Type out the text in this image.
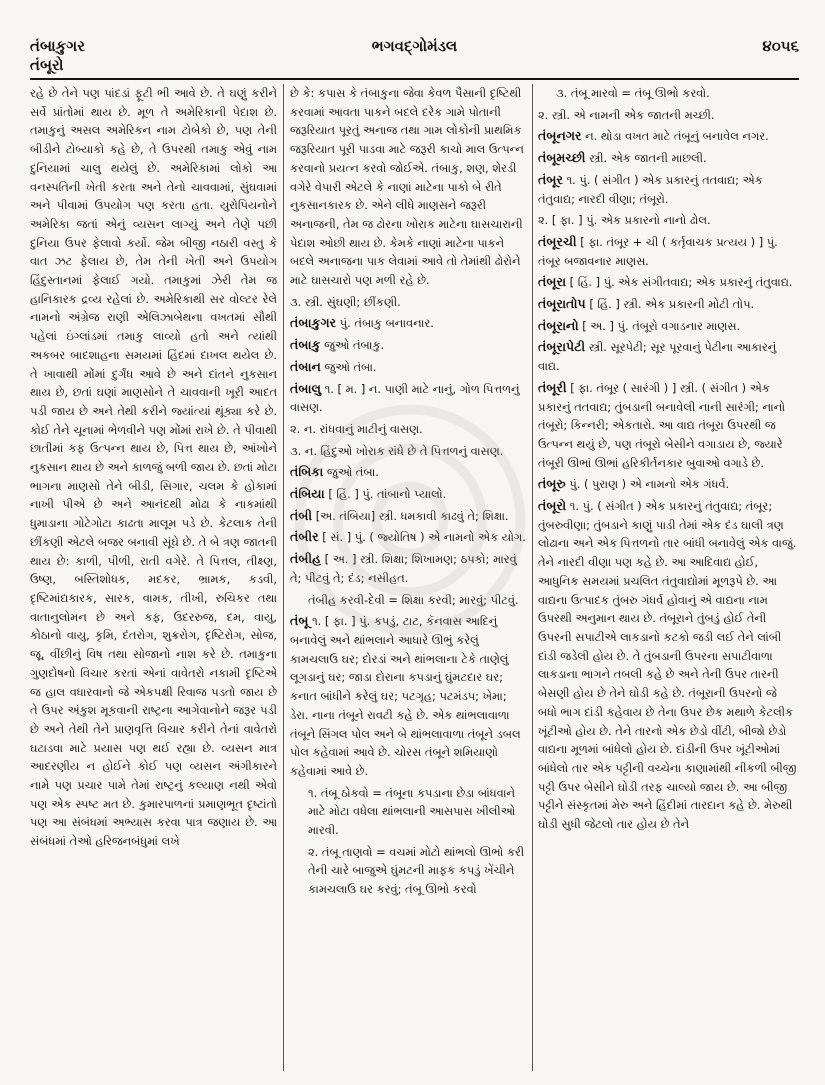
તંબાકુગર	ભગવદ્ગોમંડલ	૪૦૫૬
તંબૂરો

રહે છે તેને પણ પાંદડાં ફૂટી ભી આવે છે. તે ઘણું કરીને સર્વે પ્રાંતોમાં થાય છે. મૂળ તે અમેરિકાની પેદાશ છે. તમાકુનું અસલ અમેરિકન નામ ટોબેકો છે, પણ તેની બીડીને ટોબ્યાકો કહે છે, તે ઉપરથી તમાકુ એવું નામ દુનિયામાં ચાલુ થયેલું છે. અમેરિકામાં લોકો આ વનસ્પતિની ખેતી કરતા અને તેનો ચાવવામાં, સુંઘવામાં અને પીવામાં ઉપયોગ પણ કરતા હતા. યુરોપિયનોને અમેરિકા જતાં એનું વ્યસન લાગ્યું અને તેણે પછી દુનિયા ઉપર ફેલાવો કર્યો. જેમ બીજી નઠારી વસ્તુ કે વાત ઝટ ફેલાય છે, તેમ તેની ખેતી અને ઉપયોગ હિંદુસ્તાનમાં ફેલાઈ ગયો. તમાકુમાં ઝેરી તેમ જ હાનિકારક દ્રવ્ય રહેલાં છે. અમેરિકાથી સર વોલ્ટર રેલે નામનો અંગ્રેજ રાણી એલિઝાબેથના વખતમાં સૌથી પહેલાં ઇંગ્લાંડમાં તમાકુ લાવ્યો હતો અને ત્યાંથી અકબર બાદશાહના સમયમાં હિંદમાં દાખલ થયેલ છે. તે ખાવાથી મોંમાં દુર્ગંધ આવે છે અને દાંતને નુકસાન થાય છે, છતાં ઘણાં માણસોને તે ચાવવાની ખૂરી આદત પડી જાય છે અને તેથી કરીને જ્યાંત્યાં થૂંક્યા કરે છે. કોઈ તેને ચૂનામાં ભેળવીને પણ મોંમાં રાખે છે. તે પીવાથી છાતીમાં કફ ઉત્પન્ન થાય છે, પિત્ત થાય છે, આંખોને નુકસાન થાય છે અને કાળજું બળી જાય છે. છતાં મોટા ભાગના માણસો તેને બીડી, સિગાર, ચલમ કે હોકામાં નાખી પીએ છે અને આનંદથી મોઢા કે નાકમાંથી ધુમાડાના ગોટેગોટા કાઢતા માલૂમ પડે છે. કેટલાક તેની છીંકણી એટલે બજર બનાવી સૂંઘે છે. તે બે ત્રણ જાતની થાય છે: કાળી, પીળી, રાતી વગેરે. તે પિત્તલ, તીક્ષ્ણ, ઉષ્ણ, બસ્તિશોધક, મદકર, ભ્રામક, કડવી, દૃષ્ટિમાંદ્યકારક, સારક, વામક, તીખી, રુચિકર તથા વાતાનુલોમન છે અને કફ, ઉદરરુજ, દમ, વાયુ, કોઠાનો વાયુ, કૃમિ, દંતરોગ, શુક્રરોગ, દૃષ્ટિરોગ, સોજ, જૂ, વીંછીનું વિષ તથા સોજાનો નાશ કરે છે. તમાકુના ગુણદોષનો વિચાર કરતાં એનાં વાવેતરો નકામી દૃષ્ટિએ જ હાલ વધારવાનો જે એકપક્ષી રિવાજ પડતો જાય છે તે ઉપર અંકુશ મૂકવાની રાષ્ટ્રના આગેવાનોને જરૂર પડી છે અને તેથી તેને પ્રાણવૃત્તિ વિચાર કરીને તેનાં વાવેતરો ઘટાડવા માટે પ્રયાસ પણ થઈ રહ્યા છે. વ્યસન માત્ર આદરણીય ન હોઈને કોઈ પણ વ્યસન અંગીકારને નામે પણ પ્રચાર પામે તેમાં રાષ્ટ્રનું કલ્યાણ નથી એવો પણ એક સ્પષ્ટ મત છે. કુમારપાળનાં પ્રમાણભૂત દૃષ્ટાંતો પણ આ સંબંધમાં અભ્યાસ કરવા પાત્ર જણાય છે. આ સંબંધમાં તેઓ હરિજનબંધુમાં લખે

છે કે: કપાસ કે તંબાકુના જેવા કેવળ પૈસાની દૃષ્ટિથી કરવામાં આવતા પાકને બદલે દરેક ગામે પોતાની જરૂરિયાત પૂરતું અનાજ તથા ગામ લોકોની પ્રાથમિક જરૂરિયાત પૂરી પાડવા માટે જરૂરી કાચો માલ ઉત્પન્ન કરવાનો પ્રયત્ન કરવો જોઈએ. તંબાકુ, શણ, શેરડી વગેરે વેપારી એટલે કે નાણાં માટેના પાકો બે રીતે નુકસાનકારક છે. એને લીધે માણસને જરૂરી અનાજની, તેમ જ ઢોરના ખોરાક માટેના ઘાસચારાની પેદાશ ઓછી થાય છે. કેમકે નાણાં માટેના પાકને બદલે અનાજના પાક લેવામાં આવે તો તેમાંથી ઢોરોને માટે ઘાસચારો પણ મળી રહે છે.

૩. સ્ત્રી. સુંઘણી; છીંકણી.

તંબાકુગર પું. તંબાકુ બનાવનાર.

તંબાકુ જુઓ તંબાકુ.

તંબાન જુઓ તંબા.

તંબાલુ ૧. [ મ. ] ન. પાણી માટે નાનું, ગોળ પિત્તળનું વાસણ.

૨. ન. રાંધવાનું માટીનું વાસણ.

૩. ન. હિંદુઓ ખોરાક રાંધે છે તે પિત્તળનું વાસણ.

તંબિકા જુઓ તંબા.

તંબિયા [ હિં. ] પું. તાંબાનો પ્યાલો.

તંબી [અ. તંબિયા] સ્ત્રી. ધમકાવી કાઢવું તે; શિક્ષા.

તંબીર [ સં. ] પું. ( જ્યોતિષ ) એ નામનો એક યોગ.

તંબીહ [ અ. ] સ્ત્રી. શિક્ષા; શિખામણ; ઠપકો; મારવું તે; પીટવું તે; દંડ; નસીહત.

તંબીહ કરવી-દેવી = શિક્ષા કરવી; મારવું; પીટવું.

તંબૂ ૧. [ ફા. ] પું. કપડું, ટાટ, કૅનવાસ આદિનું બનાવેલું અને થાંભલાને આધારે ઊભું કરેલું કામચલાઉ ઘર; દોરડાં અને થાંભલાના ટેકે તાણેલું લૂગડાનું ઘર; જાડા દોરાના કપડાનું ઘુંમટદાર ઘર; કનાત બાંધીને કરેલું ઘર; પટગૃહ; પટમંડપ; ખેમા; ડેરા. નાના તંબૂને રાવટી કહે છે. એક થાંભલાવાળા તંબૂને સિંગલ પોલ અને બે થાંભલાવાળા તંબૂને ડબલ પોલ કહેવામાં આવે છે. ચોરસ તંબૂને શમિયાણો કહેવામાં આવે છે.

૧. તંબૂ ઠોકવો = તંબૂના કપડાના છેડા બાંધવાને માટે મોટા વધેલા થાંભલાની આસપાસ ખીલીઓ મારવી.

૨. તંબૂ તાણવો = વચમાં મોટો થાંભલો ઊભો કરી તેની ચારે બાજુએ ઘુંમટની માફક કપડું ખેંચીને કામચલાઉ ઘર કરવું; તંબૂ ઊભો કરવો

૩. તંબૂ મારવો = તંબૂ ઊભો કરવો.

૨. સ્ત્રી. એ નામની એક જાતની મચ્છી.

તંબૂનગર ન. થોડા વખત માટે તંબૂનું બનાવેલ નગર.

તંબૂમચ્છી સ્ત્રી. એક જાતની માછલી.

તંબૂર ૧. પું. ( સંગીત ) એક પ્રકારનું તતવાદ્ય; એક તંતુવાદ્ય; નારદી વીણા; તંબૂરો.

૨. [ ફા. ] પું. એક પ્રકારનો નાનો ઢોલ.

તંબૂરચી [ ફા. તંબૂર + ચી ( કર્તૃવાચક પ્રત્યય ) ] પું. તંબૂર બજાવનાર માણસ.

તંબૂરા [ હિં. ] પું. એક સંગીતવાદ્ય; એક પ્રકારનું તંતુવાદ્ય.

તંબૂરાતોપ [ હિં. ] સ્ત્રી. એક પ્રકારની મોટી તોપ.

તંબૂરાનો [ અ. ] પું. તંબૂરો વગાડનાર માણસ.

તંબૂરાપેટી સ્ત્રી. સૂરપેટી; સૂર પૂરવાનું પેટીના આકારનું વાદ્ય.

તંબૂરી [ ફા. તંબૂર ( સારંગી ) ] સ્ત્રી. ( સંગીત ) એક પ્રકારનું તતવાદ્ય; તુંબડાની બનાવેલી નાની સારંગી; નાનો તંબૂરો; કિન્નરી; એકતારો. આ વાદ્ય તંબૂરા ઉપરથી જ ઉત્પન્ન થયું છે, પણ તંબૂરો બેસીને વગાડાય છે, જ્યારે તંબૂરી ઊભાં ઊભાં હરિકીર્તનકાર બુવાઓ વગાડે છે.

તંબૂરુ પું. ( પુરાણ ) એ નામનો એક ગંધર્વ.

તંબૂરો ૧. પું. ( સંગીત ) એક પ્રકારનું તંતુવાદ્ય; તંબૂર; તુંબરુવીણા; તુંબડાને કાણું પાડી તેમાં એક દંડ ઘાલી ત્રણ લોઢાના અને એક પિત્તળનો તાર બાંધી બનાવેલું એક વાજું. તેને નારદી વીણા પણ કહે છે. આ આદિવાદ્ય હોઈ, આધુનિક સમયમાં પ્રચલિત તંતુવાદ્યોમાં મૂળરૂપે છે. આ વાદ્યના ઉત્પાદક તુંબરુ ગંધર્વ હોવાનું એ વાદ્યના નામ ઉપરથી અનુમાન થાય છે. તંબૂરાને તુંબડું હોઈ તેની ઉપરની સપાટીએ લાકડાનો કટકો જડી લઈ તેને લાંબી દાંડી જડેલી હોય છે. તે તુંબડાની ઉપરના સપાટીવાળા લાકડાના ભાગને તબલી કહે છે અને તેની ઉપર તારની બેસણી હોય છે તેને ઘોડી કહે છે. તંબૂરાની ઉપરનો જે બધો ભાગ દાંડી કહેવાય છે તેના ઉપર છેક મથાળે કેટલીક ખૂંટીઓ હોય છે. તેને તારનો એક છેડો વીંટી, બીજો છેડો વાદ્યના મૂળમાં બાંધેલો હોય છે. દાંડીની ઉપર ખૂંટીઓમાં બાંધેલો તાર એક પટ્ટીની વચ્ચેના કાણામાંથી નીકળી બીજી પટ્ટી ઉપર બેસીને ઘોડી તરફ ચાલ્યો જાય છે. આ બીજી પટ્ટીને સંસ્કૃતમાં મેરુ અને હિંદીમાં તારદાન કહે છે. મેરુથી ઘોડી સુધી જેટલો તાર હોય છે તેને
